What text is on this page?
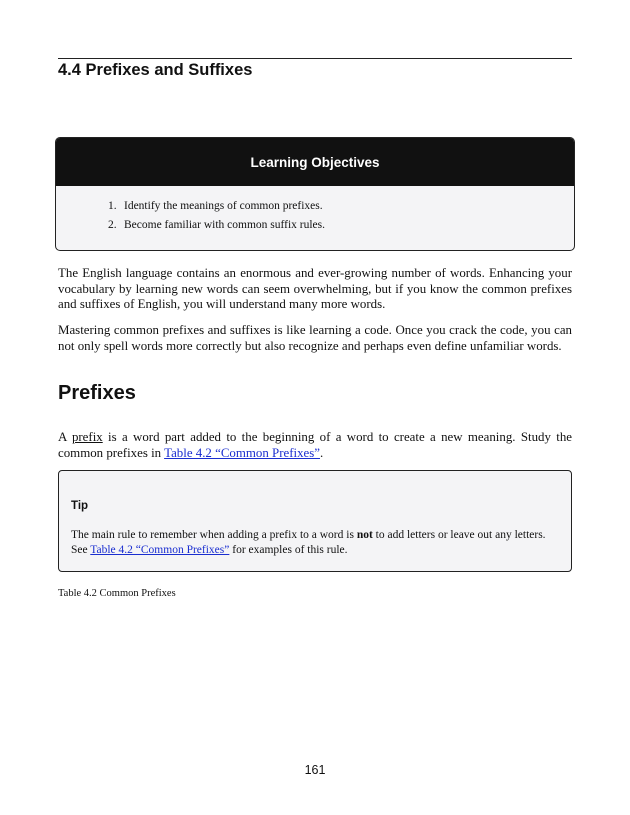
4.4 Prefixes and Suffixes
Learning Objectives
1. Identify the meanings of common prefixes.
2. Become familiar with common suffix rules.

The English language contains an enormous and ever-growing number of words. Enhancing your vocabulary by learning new words can seem overwhelming, but if you know the common prefixes and suffixes of English, you will understand many more words.

Mastering common prefixes and suffixes is like learning a code. Once you crack the code, you can not only spell words more correctly but also recognize and perhaps even define unfamiliar words.

Prefixes

A prefix is a word part added to the beginning of a word to create a new meaning. Study the common prefixes in Table 4.2 “Common Prefixes”.

Tip

The main rule to remember when adding a prefix to a word is not to add letters or leave out any letters. See Table 4.2 “Common Prefixes” for examples of this rule.

Table 4.2 Common Prefixes

161
